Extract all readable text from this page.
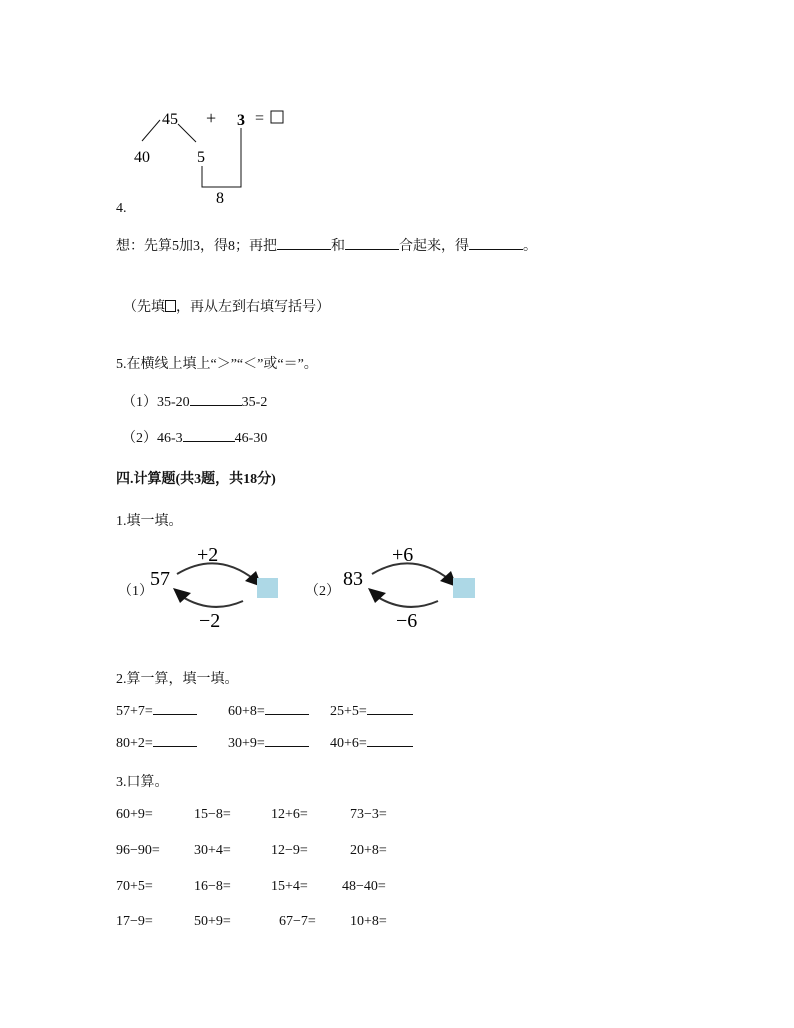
45 + 3 =
40	5
8
4.
想：先算5加3，得8；再把	和	合起来，得	。
（先填 ，再从左到右填写括号）
5.在横线上填上“＞”“＜”或“＝”。
（1）35-20	35-2
（2）46-3	46-30
四.计算题(共3题，共18分)
1.填一填。
（1）
+2
57
−2
（2）
+6
83
−6
2.算一算，填一填。
57+7=	60+8=	25+5=
80+2=	30+9=	40+6=
3.口算。
60+9=	15−8=	12+6=	73−3=
96−90= 30+4=	12−9=	20+8=
70+5=	16−8=	15+4= 48−40=
17−9=	50+9=	67−7= 10+8=
